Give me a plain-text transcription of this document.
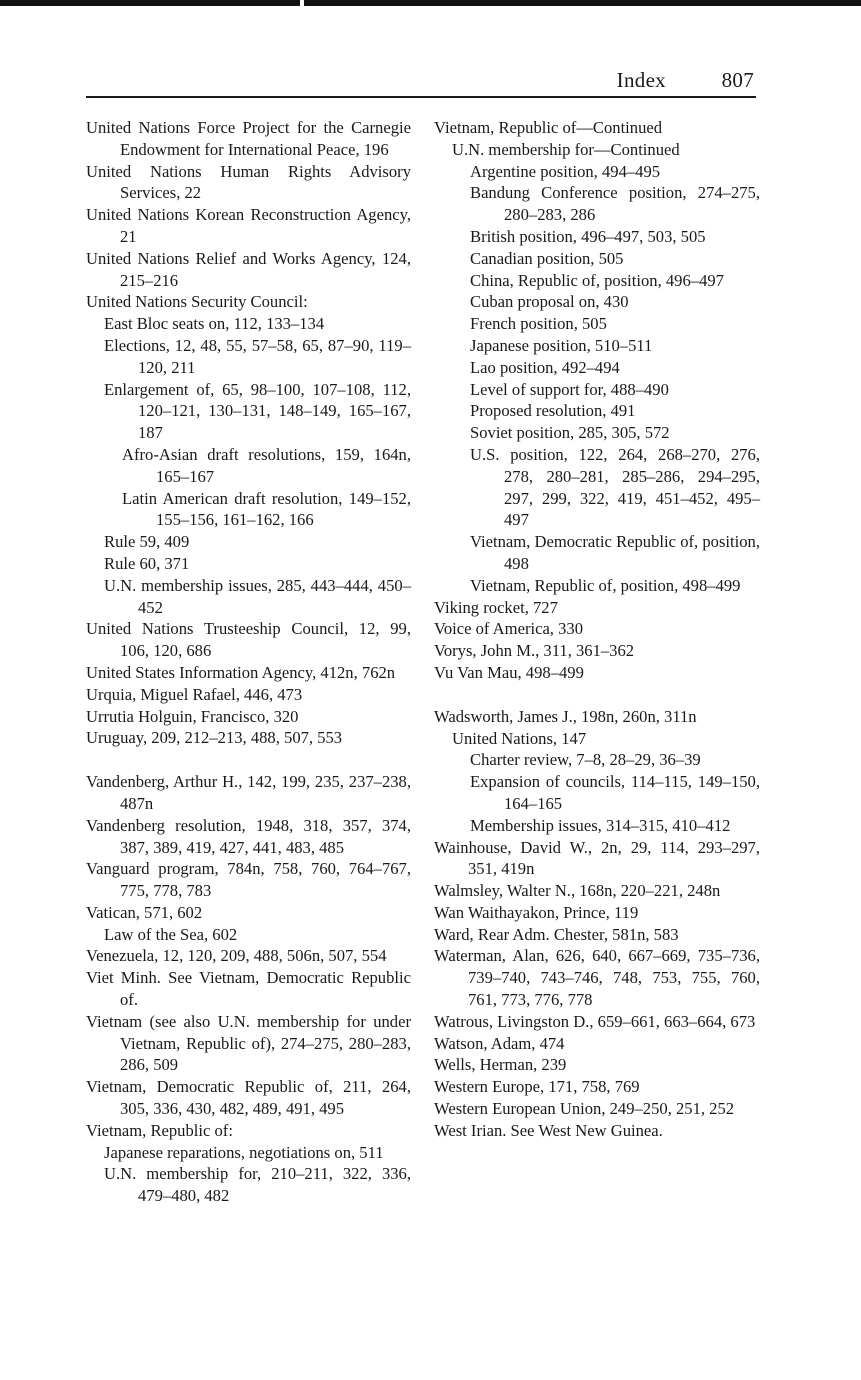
Index	807

United Nations Force Project for the Carnegie Endowment for International Peace, 196

United Nations Human Rights Advisory Services, 22

United Nations Korean Reconstruction Agency, 21

United Nations Relief and Works Agency, 124, 215–216

United Nations Security Council:

East Bloc seats on, 112, 133–134

Elections, 12, 48, 55, 57–58, 65, 87–90, 119–120, 211

Enlargement of, 65, 98–100, 107–108, 112, 120–121, 130–131, 148–149, 165–167, 187

Afro-Asian draft resolutions, 159, 164n, 165–167

Latin American draft resolution, 149–152, 155–156, 161–162, 166

Rule 59, 409

Rule 60, 371

U.N. membership issues, 285, 443–444, 450–452

United Nations Trusteeship Council, 12, 99, 106, 120, 686

United States Information Agency, 412n, 762n

Urquia, Miguel Rafael, 446, 473

Urrutia Holguin, Francisco, 320

Uruguay, 209, 212–213, 488, 507, 553

Vandenberg, Arthur H., 142, 199, 235, 237–238, 487n

Vandenberg resolution, 1948, 318, 357, 374, 387, 389, 419, 427, 441, 483, 485

Vanguard program, 784n, 758, 760, 764–767, 775, 778, 783

Vatican, 571, 602

Law of the Sea, 602

Venezuela, 12, 120, 209, 488, 506n, 507, 554

Viet Minh. See Vietnam, Democratic Republic of.

Vietnam (see also U.N. membership for under Vietnam, Republic of), 274–275, 280–283, 286, 509

Vietnam, Democratic Republic of, 211, 264, 305, 336, 430, 482, 489, 491, 495

Vietnam, Republic of:

Japanese reparations, negotiations on, 511

U.N. membership for, 210–211, 322, 336, 479–480, 482

Vietnam, Republic of—Continued

U.N. membership for—Continued

Argentine position, 494–495

Bandung Conference position, 274–275, 280–283, 286

British position, 496–497, 503, 505

Canadian position, 505

China, Republic of, position, 496–497

Cuban proposal on, 430

French position, 505

Japanese position, 510–511

Lao position, 492–494

Level of support for, 488–490

Proposed resolution, 491

Soviet position, 285, 305, 572

U.S. position, 122, 264, 268–270, 276, 278, 280–281, 285–286, 294–295, 297, 299, 322, 419, 451–452, 495–497

Vietnam, Democratic Republic of, position, 498

Vietnam, Republic of, position, 498–499

Viking rocket, 727

Voice of America, 330

Vorys, John M., 311, 361–362

Vu Van Mau, 498–499

Wadsworth, James J., 198n, 260n, 311n

United Nations, 147

Charter review, 7–8, 28–29, 36–39

Expansion of councils, 114–115, 149–150, 164–165

Membership issues, 314–315, 410–412

Wainhouse, David W., 2n, 29, 114, 293–297, 351, 419n

Walmsley, Walter N., 168n, 220–221, 248n

Wan Waithayakon, Prince, 119

Ward, Rear Adm. Chester, 581n, 583

Waterman, Alan, 626, 640, 667–669, 735–736, 739–740, 743–746, 748, 753, 755, 760, 761, 773, 776, 778

Watrous, Livingston D., 659–661, 663–664, 673

Watson, Adam, 474

Wells, Herman, 239

Western Europe, 171, 758, 769

Western European Union, 249–250, 251, 252

West Irian. See West New Guinea.
